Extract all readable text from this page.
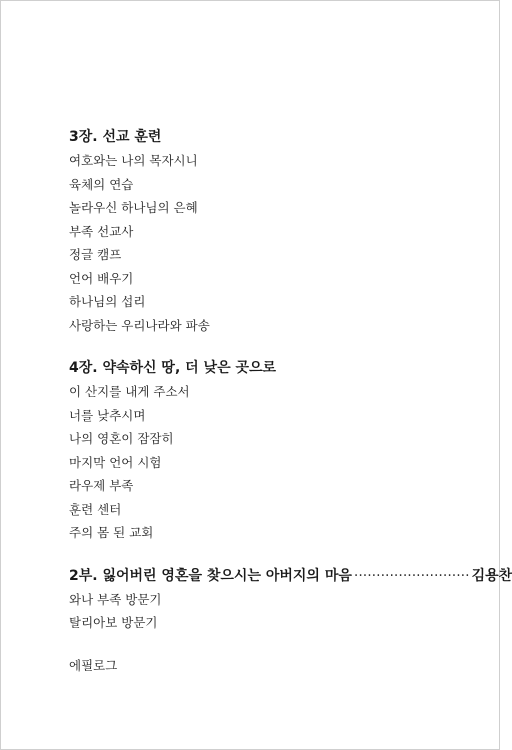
3장. 선교 훈련
여호와는 나의 목자시니
육체의 연습
놀라우신 하나님의 은혜
부족 선교사
정글 캠프
언어 배우기
하나님의 섭리
사랑하는 우리나라와 파송
4장. 약속하신 땅, 더 낮은 곳으로
이 산지를 내게 주소서
너를 낮추시며
나의 영혼이 잠잠히
마지막 언어 시험
라우제 부족
훈련 센터
주의 몸 된 교회
2부. 잃어버린 영혼을 찾으시는 아버지의 마음 ·························· 김용찬
와나 부족 방문기
탈리아보 방문기
에필로그
